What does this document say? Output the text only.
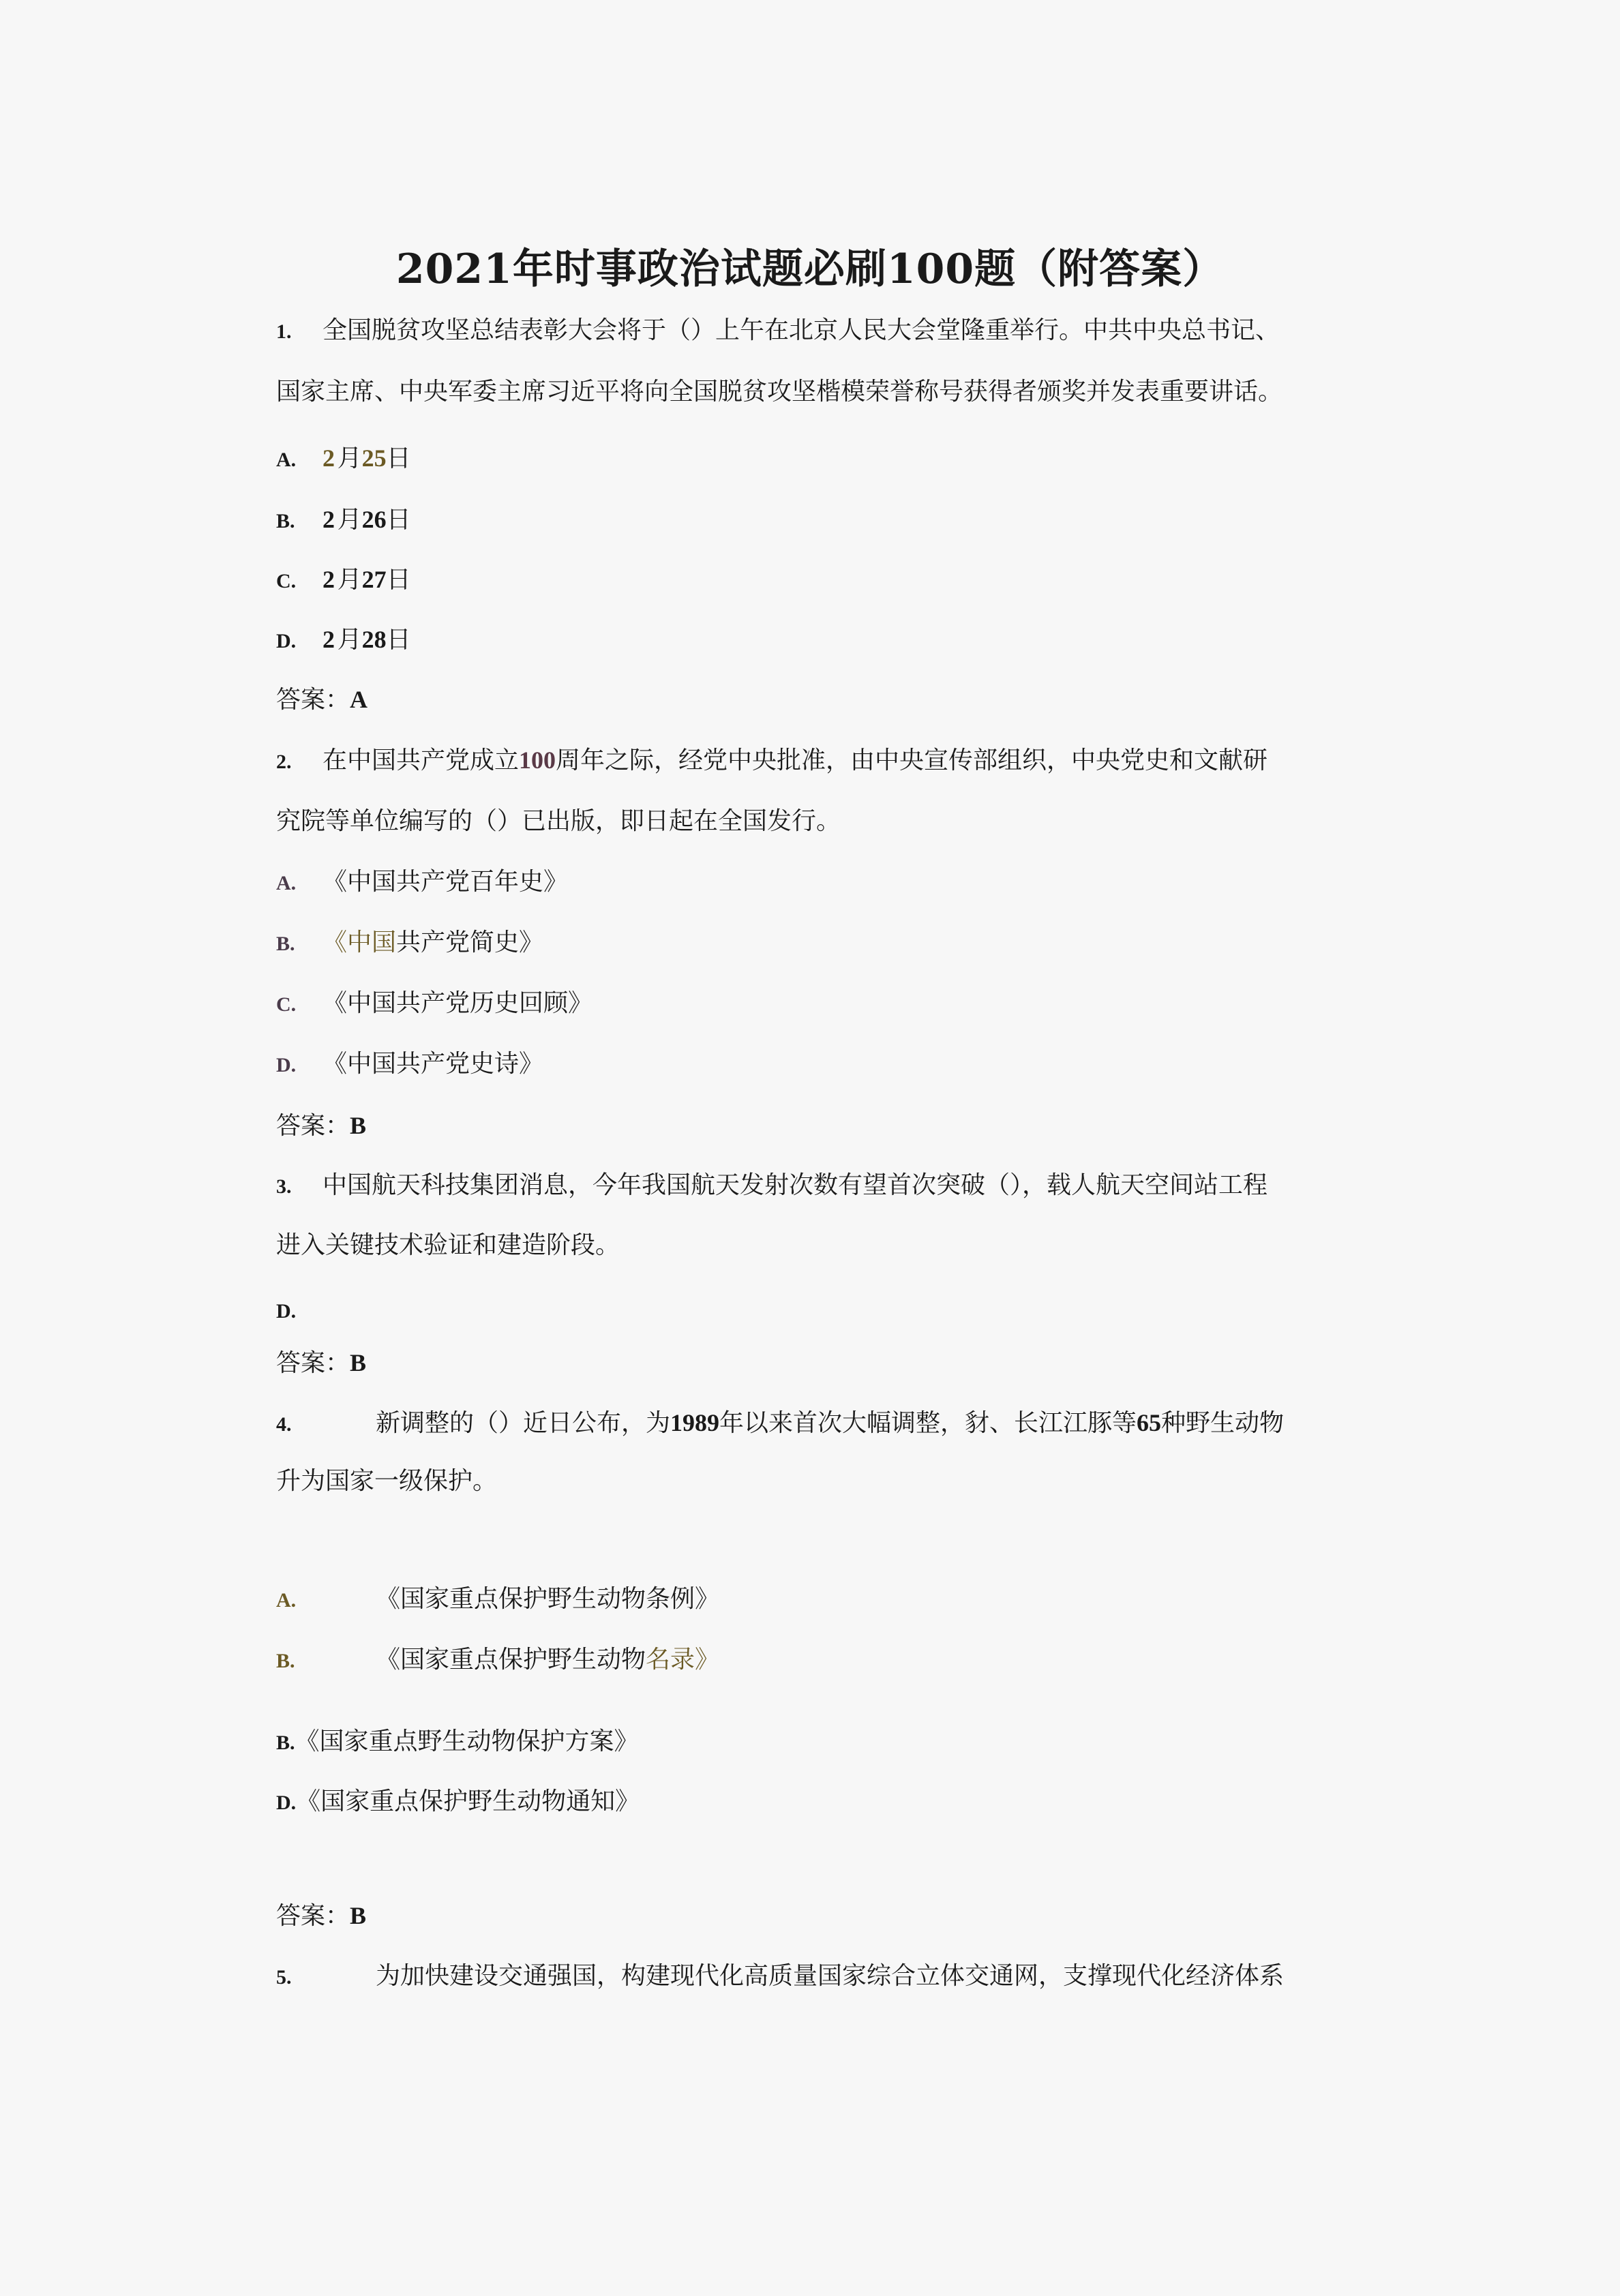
2021年时事政治试题必刷100题（附答案）
1. 全国脱贫攻坚总结表彰大会将于（）上午在北京人民大会堂隆重举行。中共中央总书记、
国家主席、中央军委主席习近平将向全国脱贫攻坚楷模荣誉称号获得者颁奖并发表重要讲话。
A. 2 月25日
B. 2 月26日
C. 2 月27日
D. 2 月28日
答案：A
2. 在中国共产党成立100周年之际，经党中央批准，由中央宣传部组织，中央党史和文献研
究院等单位编写的（）已出版，即日起在全国发行。
A. 《中国共产党百年史》
B. 《中国共产党简史》
C. 《中国共产党历史回顾》
D. 《中国共产党史诗》
答案：B
3. 中国航天科技集团消息，今年我国航天发射次数有望首次突破（），载人航天空间站工程
进入关键技术验证和建造阶段。
D.
答案：B
4.	新调整的（）近日公布，为1989年以来首次大幅调整，豺、长江江豚等65种野生动物
升为国家一级保护。
A.	《国家重点保护野生动物条例》
B.	《国家重点保护野生动物名录》
B.《国家重点野生动物保护方案》
D.《国家重点保护野生动物通知》
答案：B
5.	为加快建设交通强国，构建现代化高质量国家综合立体交通网，支撑现代化经济体系
